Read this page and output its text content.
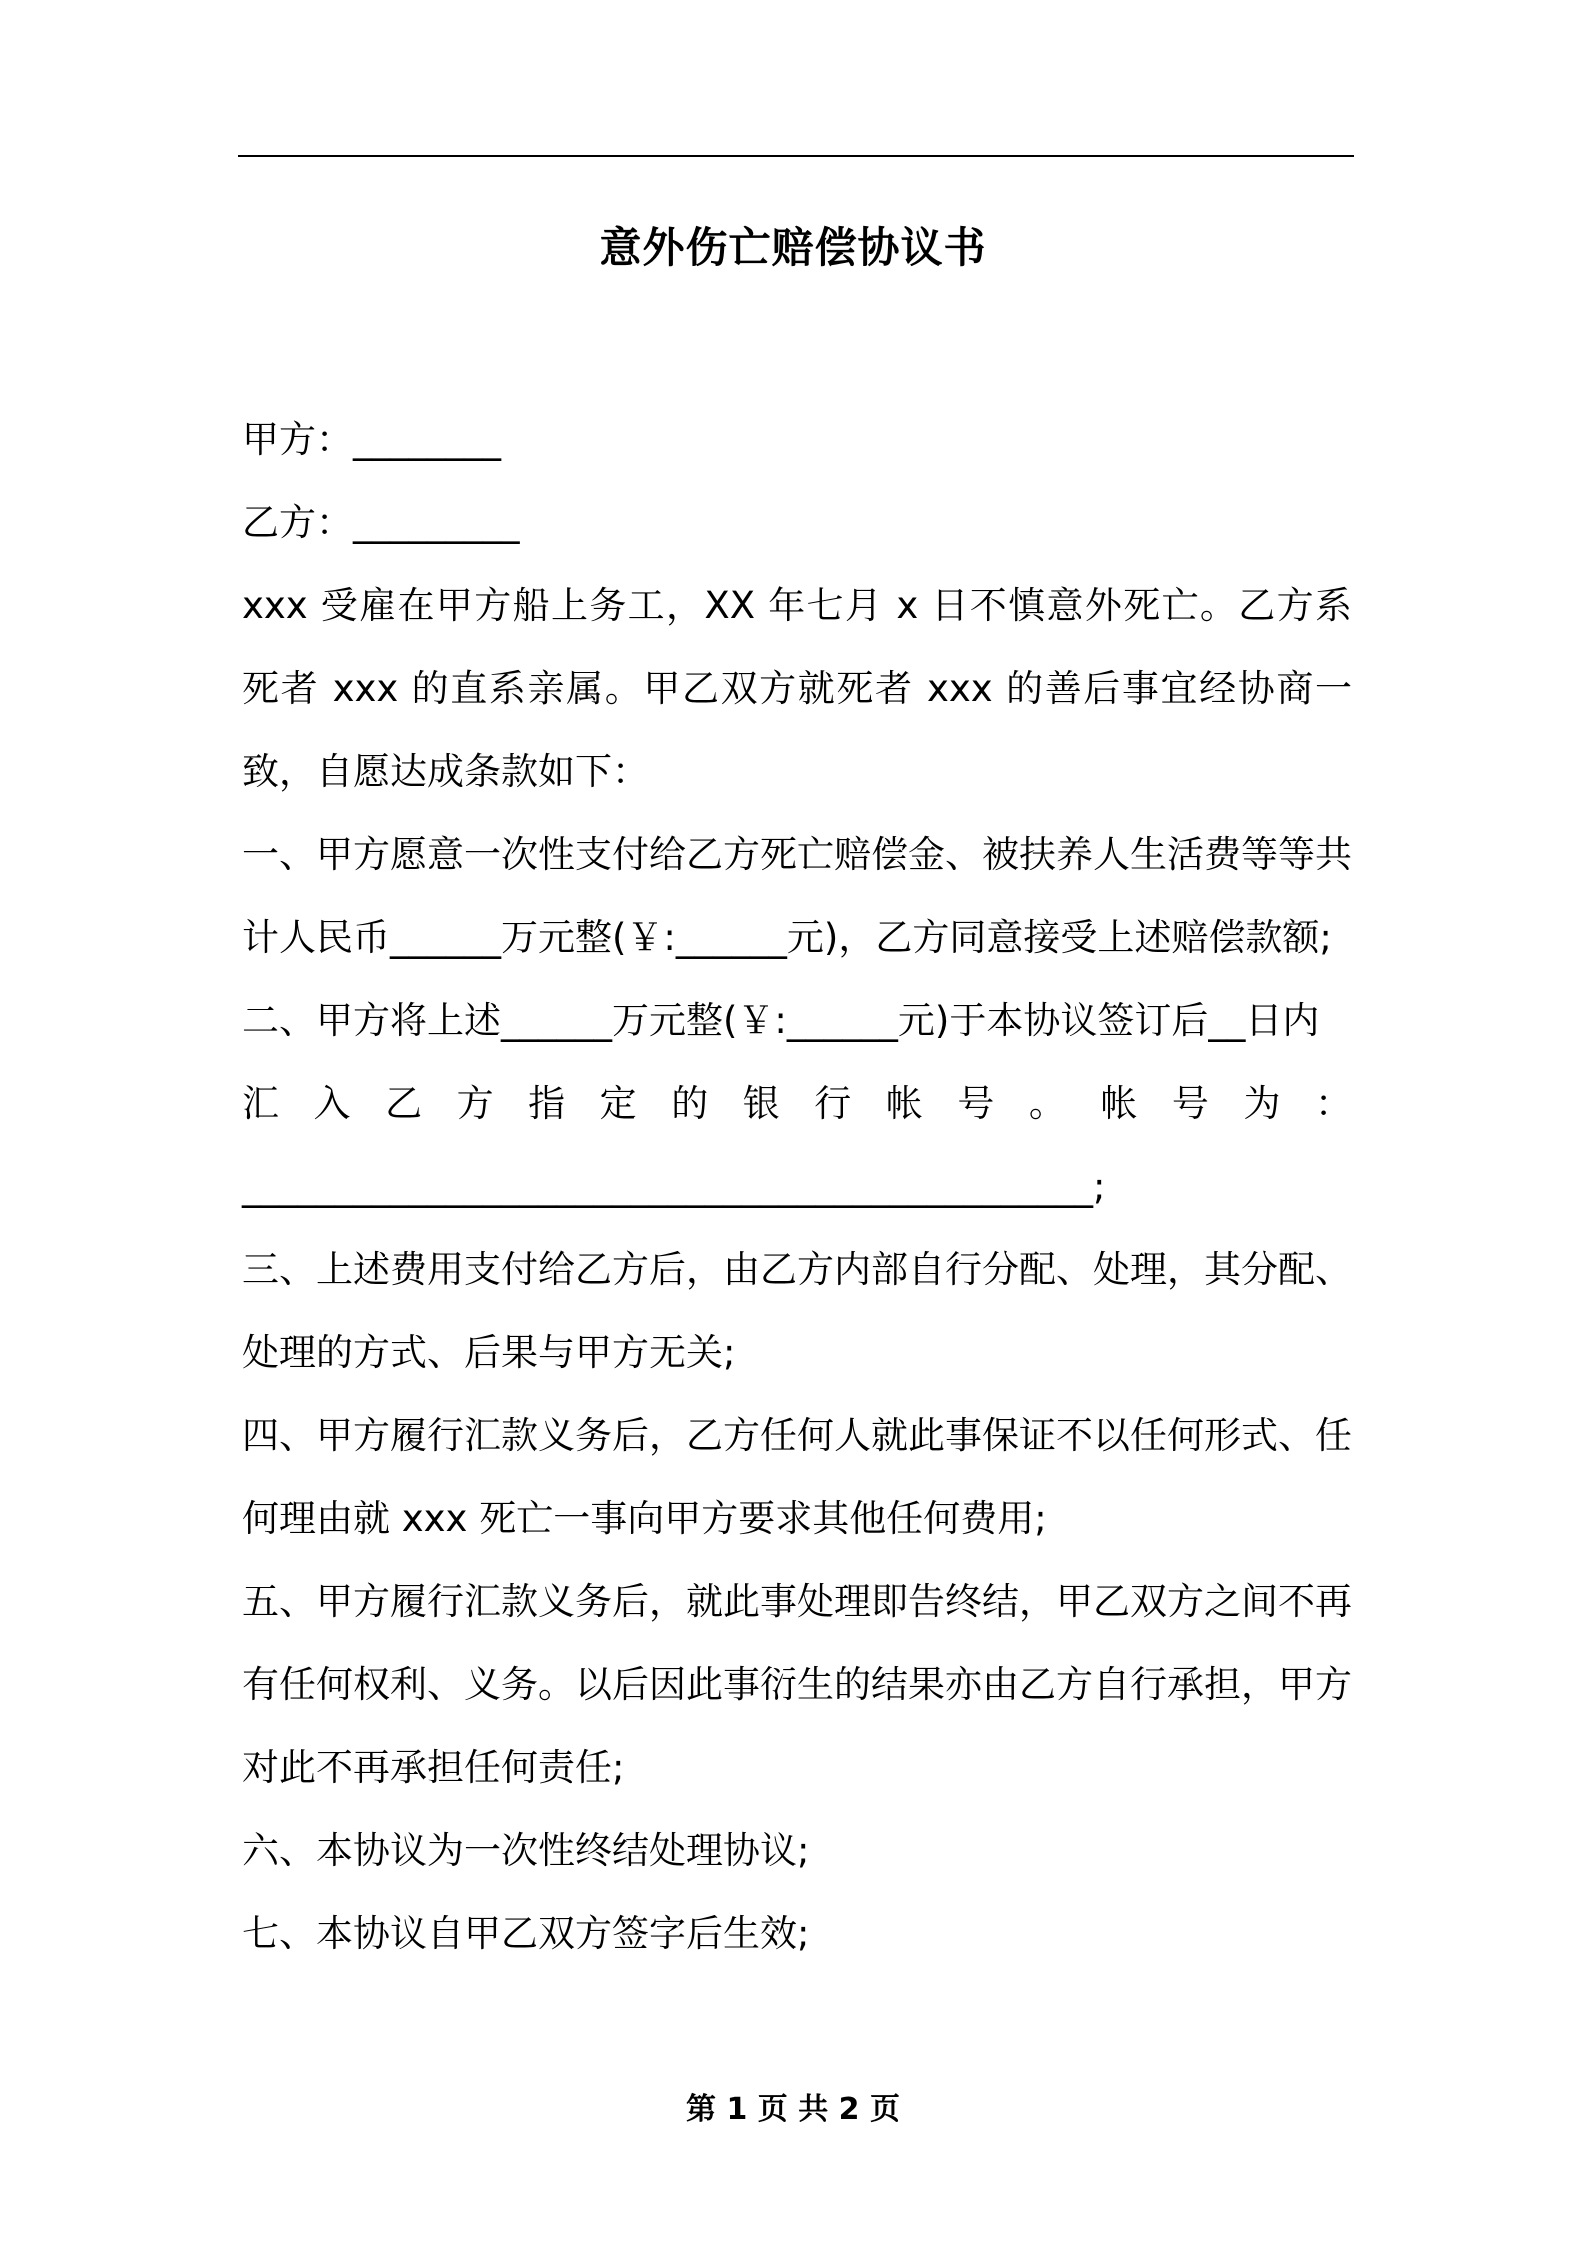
意外伤亡赔偿协议书

甲方：________

乙方：_________

xxx 受雇在甲方船上务工，XX 年七月 x 日不慎意外死亡。乙方系死者 xxx 的直系亲属。甲乙双方就死者 xxx 的善后事宜经协商一致，自愿达成条款如下：

一、甲方愿意一次性支付给乙方死亡赔偿金、被扶养人生活费等等共计人民币______万元整(￥:______元)，乙方同意接受上述赔偿款额;

二、甲方将上述______万元整(￥:______元)于本协议签订后__日内

汇入乙方指定的银行帐号。帐号为：

______________________________________________;

三、上述费用支付给乙方后，由乙方内部自行分配、处理，其分配、处理的方式、后果与甲方无关;

四、甲方履行汇款义务后，乙方任何人就此事保证不以任何形式、任何理由就 xxx 死亡一事向甲方要求其他任何费用;

五、甲方履行汇款义务后，就此事处理即告终结，甲乙双方之间不再有任何权利、义务。以后因此事衍生的结果亦由乙方自行承担，甲方对此不再承担任何责任;

六、本协议为一次性终结处理协议;

七、本协议自甲乙双方签字后生效;

第 1 页 共 2 页
